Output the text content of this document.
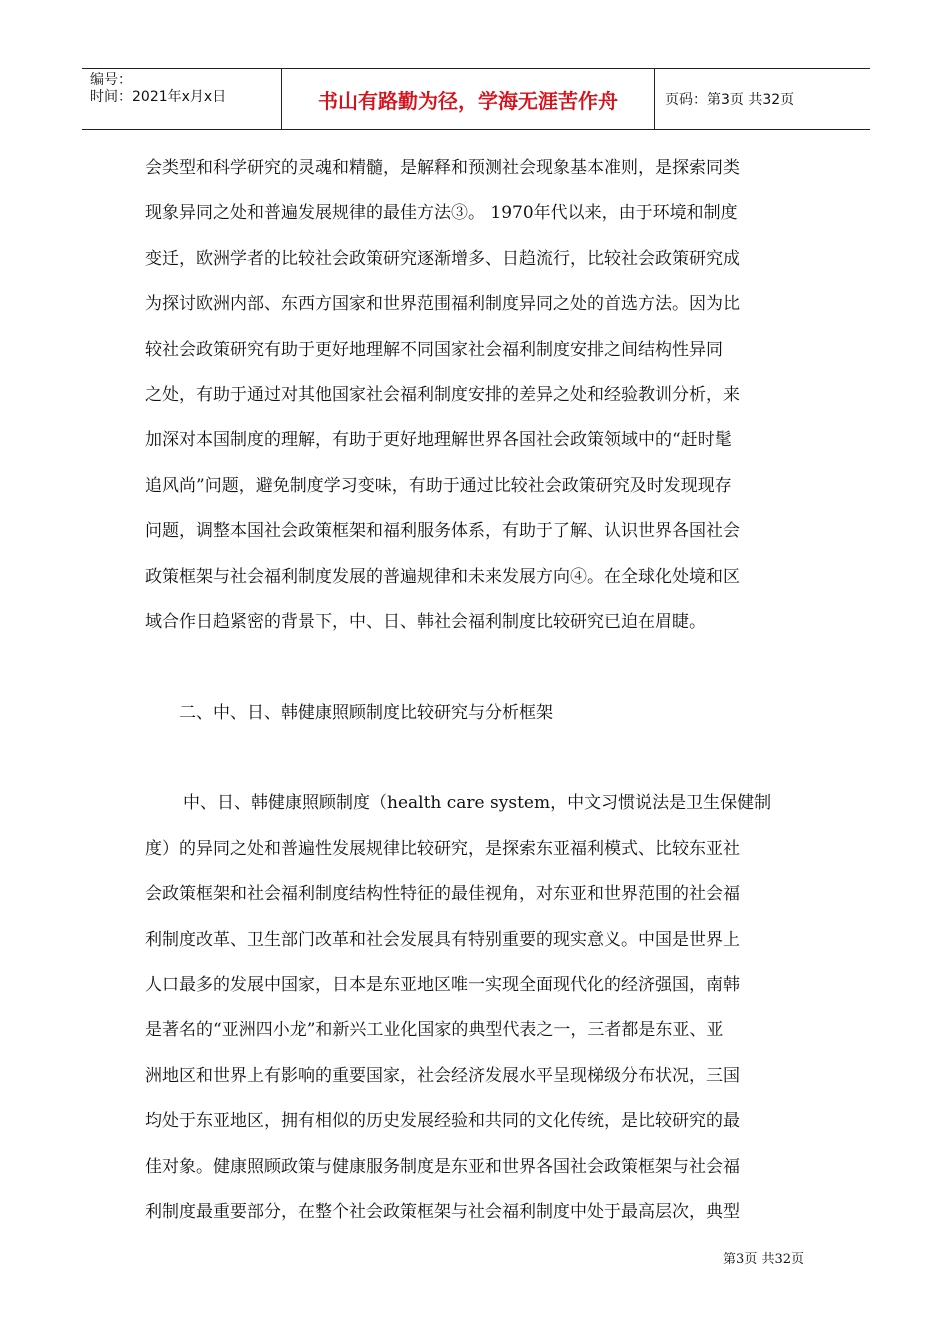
编号：
时间：2021年x月x日	书山有路勤为径，学海无涯苦作舟	页码：第3页 共32页
会类型和科学研究的灵魂和精髓，是解释和预测社会现象基本准则，是探索同类
现象异同之处和普遍发展规律的最佳方法③。 1970年代以来，由于环境和制度
变迁，欧洲学者的比较社会政策研究逐渐增多、日趋流行，比较社会政策研究成
为探讨欧洲内部、东西方国家和世界范围福利制度异同之处的首选方法。因为比
较社会政策研究有助于更好地理解不同国家社会福利制度安排之间结构性异同
之处，有助于通过对其他国家社会福利制度安排的差异之处和经验教训分析，来
加深对本国制度的理解，有助于更好地理解世界各国社会政策领域中的“赶时髦
追风尚”问题，避免制度学习变味，有助于通过比较社会政策研究及时发现现存
问题，调整本国社会政策框架和福利服务体系，有助于了解、认识世界各国社会
政策框架与社会福利制度发展的普遍规律和未来发展方向④。在全球化处境和区
域合作日趋紧密的背景下，中、日、韩社会福利制度比较研究已迫在眉睫。
二、中、日、韩健康照顾制度比较研究与分析框架
中、日、韩健康照顾制度（health care system，中文习惯说法是卫生保健制
度）的异同之处和普遍性发展规律比较研究，是探索东亚福利模式、比较东亚社
会政策框架和社会福利制度结构性特征的最佳视角，对东亚和世界范围的社会福
利制度改革、卫生部门改革和社会发展具有特别重要的现实意义。中国是世界上
人口最多的发展中国家，日本是东亚地区唯一实现全面现代化的经济强国，南韩
是著名的“亚洲四小龙”和新兴工业化国家的典型代表之一，三者都是东亚、亚
洲地区和世界上有影响的重要国家，社会经济发展水平呈现梯级分布状况，三国
均处于东亚地区，拥有相似的历史发展经验和共同的文化传统，是比较研究的最
佳对象。健康照顾政策与健康服务制度是东亚和世界各国社会政策框架与社会福
利制度最重要部分，在整个社会政策框架与社会福利制度中处于最高层次，典型
第3页 共32页
